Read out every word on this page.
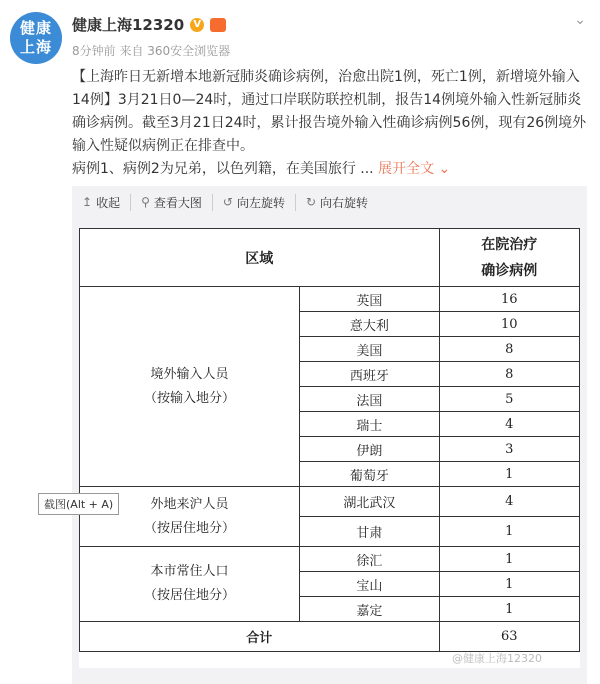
健康
上海
健康上海12320 V
8分钟前 来自 360安全浏览器
⌄
【上海昨日无新增本地新冠肺炎确诊病例，治愈出院1例，死亡1例，新增境外输入14例】3月21日0—24时，通过口岸联防联控机制，报告14例境外输入性新冠肺炎确诊病例。截至3月21日24时，累计报告境外输入性确诊病例56例，现有26例境外输入性疑似病例正在排查中。
病例1、病例2为兄弟，以色列籍，在美国旅行 ... 展开全文 ⌄
↥ 收起 ⚲ 查看大图 ↺ 向左旋转 ↻ 向右旋转
区域		在院治疗
确诊病例

境外输入人员
（按输入地分）	英国	16
	意大利	10
	美国	8
	西班牙	8
	法国	5
	瑞士	4
	伊朗	3
	葡萄牙	1

外地来沪人员
（按居住地分）	湖北武汉	4
	甘肃	1

本市常住人口
（按居住地分）	徐汇	1
	宝山	1
	嘉定	1
合计		63
截图(Alt + A)
@健康上海12320
